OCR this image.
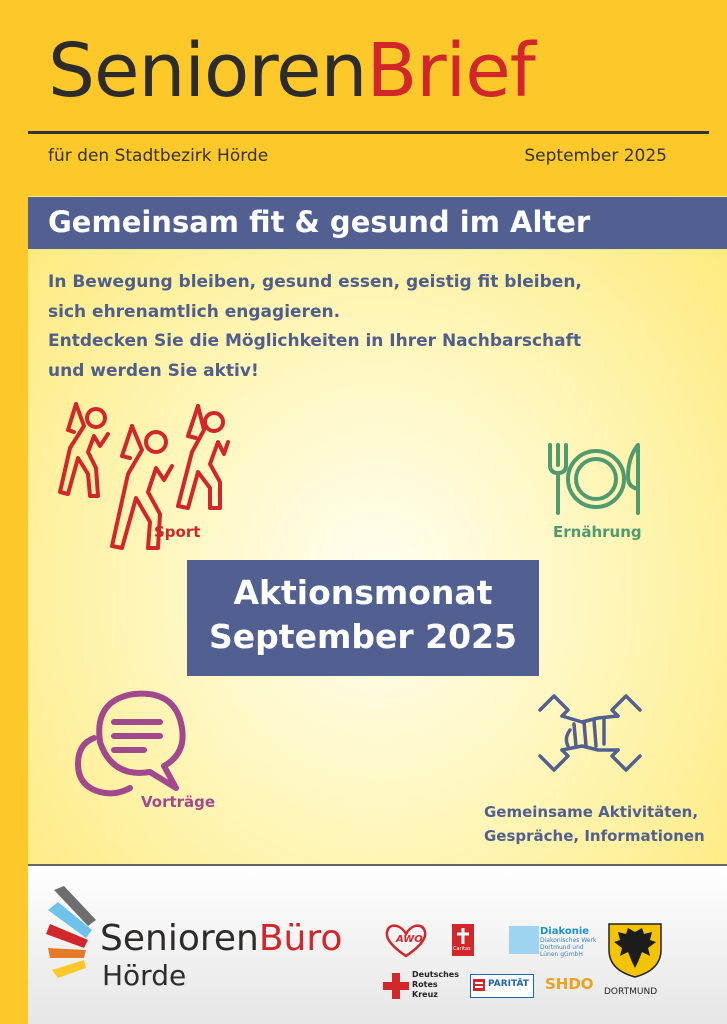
SeniorenBrief
für den Stadtbezirk Hörde	September 2025
Gemeinsam fit & gesund im Alter
In Bewegung bleiben, gesund essen, geistig fit bleiben,
sich ehrenamtlich engagieren.
Entdecken Sie die Möglichkeiten in Ihrer Nachbarschaft
und werden Sie aktiv!
Sport	Ernährung
Aktionsmonat
September 2025
Vorträge
Gemeinsame Aktivitäten,
Gespräche, Informationen
SeniorenBüro
Hörde
AWO
Caritas
Diakonie
Diakonisches Werk
Dortmund und
Lünen gGmbH
DORTMUND
Deutsches
Rotes
Kreuz
PARITÄT SHDO
